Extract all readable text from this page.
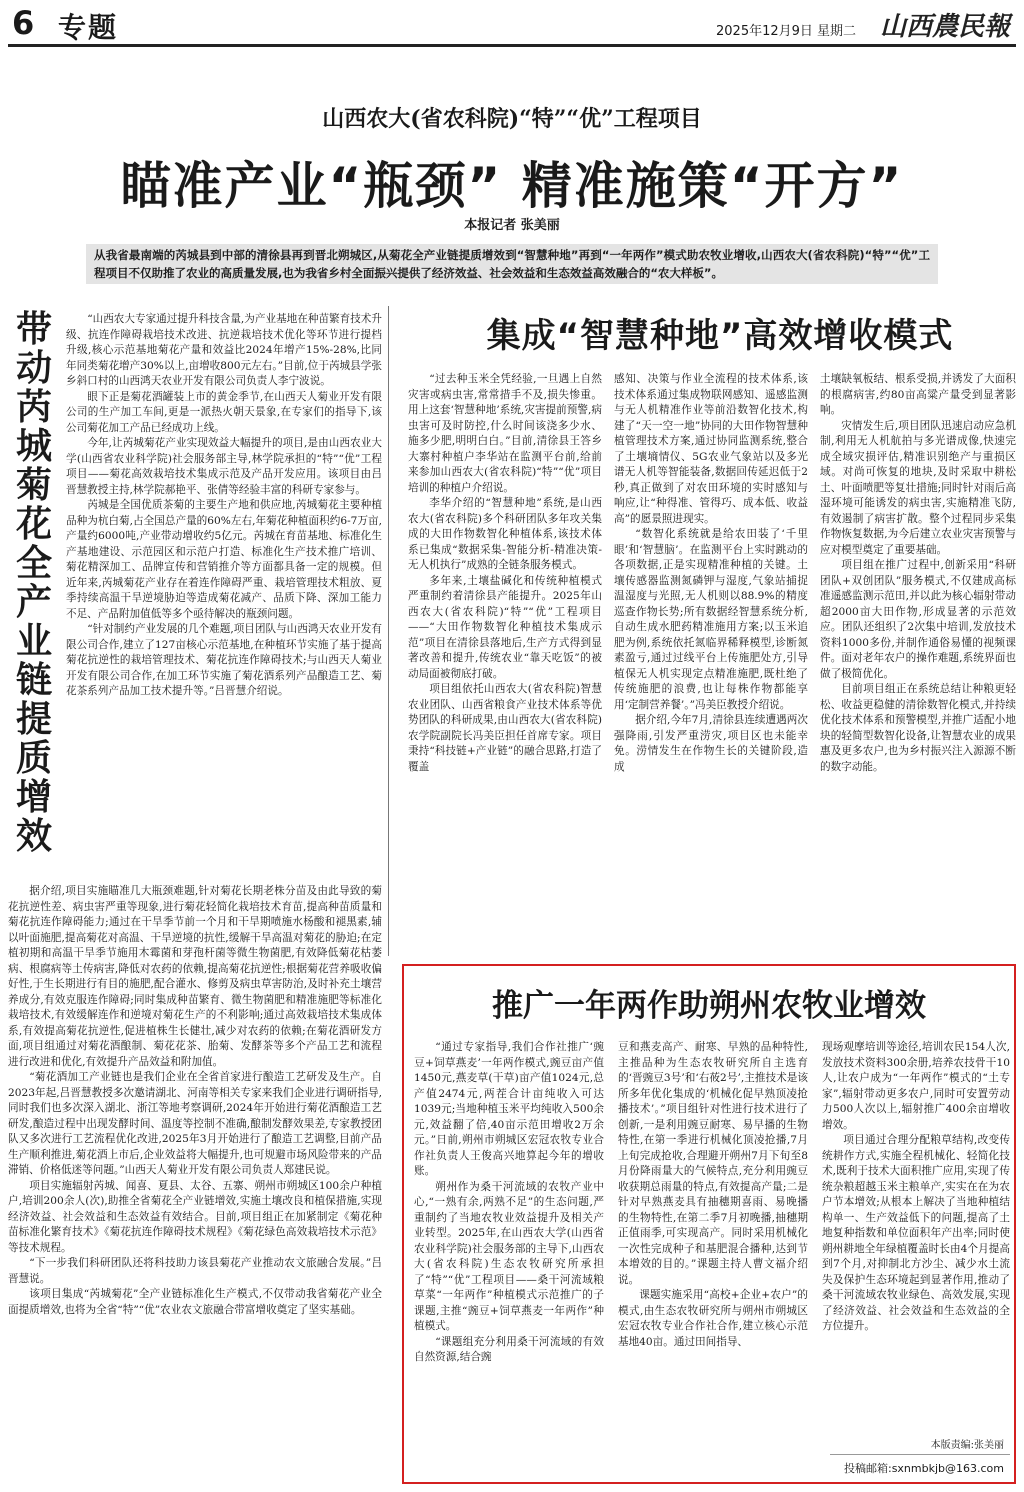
6 专题	2025年12月9日 星期二 山西農民報
山西农大(省农科院)“特”“优”工程项目
瞄准产业“瓶颈” 精准施策“开方”
本报记者 张美丽
从我省最南端的芮城县到中部的清徐县再到晋北朔城区,从菊花全产业链提质增效到“智慧种地”再到“一年两作”模式助农牧业增收,山西农大(省农科院)“特”“优”工程项目不仅助推了农业的高质量发展,也为我省乡村全面振兴提供了经济效益、社会效益和生态效益高效融合的“农大样板”。
带动芮城菊花全产业链提质增效

“山西农大专家通过提升科技含量,为产业基地在种苗繁育技术升级、抗连作障碍栽培技术改进、抗逆栽培技术优化等环节进行提档升级,核心示范基地菊花产量和效益比2024年增产15%-28%,比同年同类菊花增产30%以上,亩增收800元左右。”目前,位于芮城县学张乡斜口村的山西鸿天农业开发有限公司负责人李宁波说。

眼下正是菊花酒罐装上市的黄金季节,在山西天人菊业开发有限公司的生产加工车间,更是一派热火朝天景象,在专家们的指导下,该公司菊花加工产品已经成功上线。

今年,让芮城菊花产业实现效益大幅提升的项目,是由山西农业大学(山西省农业科学院)社会服务部主导,林学院承担的“特”“优”工程项目——菊花高效栽培技术集成示范及产品开发应用。该项目由吕晋慧教授主持,林学院郝艳平、张倩等经验丰富的科研专家参与。

芮城是全国优质茶菊的主要生产地和供应地,芮城菊花主要种植品种为杭白菊,占全国总产量的60%左右,年菊花种植面积约6-7万亩,产量约6000吨,产业带动增收约5亿元。芮城在育苗基地、标准化生产基地建设、示范园区和示范户打造、标准化生产技术推广培训、菊花精深加工、品牌宣传和营销推介等方面都具备一定的规模。但近年来,芮城菊花产业存在着连作障碍严重、栽培管理技术粗放、夏季持续高温干旱逆境胁迫等造成菊花减产、品质下降、深加工能力不足、产品附加值低等多个亟待解决的瓶颈问题。

“针对制约产业发展的几个难题,项目团队与山西鸿天农业开发有限公司合作,建立了127亩核心示范基地,在种植环节实施了基于提高菊花抗逆性的栽培管理技术、菊花抗连作障碍技术;与山西天人菊业开发有限公司合作,在加工环节实施了菊花酒系列产品酿造工艺、菊花茶系列产品加工技术提升等。”吕晋慧介绍说。

据介绍,项目实施瞄准几大瓶颈难题,针对菊花长期老株分苗及由此导致的菊花抗逆性差、病虫害严重等现象,进行菊花轻简化栽培技术育苗,提高种苗质量和菊花抗连作障碍能力;通过在干旱季节前一个月和干旱期喷施水杨酸和褪黑素,辅以叶面施肥,提高菊花对高温、干旱逆境的抗性,缓解干旱高温对菊花的胁迫;在定植初期和高温干旱季节施用木霉菌和芽孢杆菌等微生物菌肥,有效降低菊花枯萎病、根腐病等土传病害,降低对农药的依赖,提高菊花抗逆性;根据菊花营养吸收偏好性,于生长期进行有目的施肥,配合灌水、修剪及病虫草害防治,及时补充土壤营养成分,有效克服连作障碍;同时集成种苗繁育、微生物菌肥和精准施肥等标准化栽培技术,有效缓解连作和逆境对菊花生产的不利影响;通过高效栽培技术集成体系,有效提高菊花抗逆性,促进植株生长健壮,减少对农药的依赖;在菊花酒研发方面,项目组通过对菊花酒酿制、菊花花茶、胎菊、发酵茶等多个产品工艺和流程进行改进和优化,有效提升产品效益和附加值。

“菊花酒加工产业链也是我们企业在全省首家进行酿造工艺研发及生产。自2023年起,吕晋慧教授多次邀请湖北、河南等相关专家来我们企业进行调研指导,同时我们也多次深入湖北、浙江等地考察调研,2024年开始进行菊花酒酿造工艺研发,酿造过程中出现发酵时间、温度等控制不准确,酿制发酵效果差,专家教授团队又多次进行工艺流程优化改进,2025年3月开始进行了酿造工艺调整,目前产品生产顺利推进,菊花酒上市后,企业效益将大幅提升,也可规避市场风险带来的产品滞销、价格低迷等问题。”山西天人菊业开发有限公司负责人郑建民说。

项目实施辐射芮城、闻喜、夏县、太谷、五寨、朔州市朔城区100余户种植户,培训200余人(次),助推全省菊花全产业链增效,实施土壤改良和植保措施,实现经济效益、社会效益和生态效益有效结合。目前,项目组正在加紧制定《菊花种苗标准化繁育技术》《菊花抗连作障碍技术规程》《菊花绿色高效栽培技术示范》等技术规程。

“下一步我们科研团队还将科技助力该县菊花产业推动农文旅融合发展。”吕晋慧说。

该项目集成“芮城菊花”全产业链标准化生产模式,不仅带动我省菊花产业全面提质增效,也将为全省“特”“优”农业农文旅融合带富增收奠定了坚实基础。

集成“智慧种地”高效增收模式

“过去种玉米全凭经验,一旦遇上自然灾害或病虫害,常常措手不及,损失惨重。用上这套‘智慧种地’系统,灾害提前预警,病虫害可及时防控,什么时间该浇多少水、施多少肥,明明白白。”目前,清徐县王答乡大寨村种植户李华站在监测平台前,给前来参加山西农大(省农科院)“特”“优”项目培训的种植户介绍说。

李华介绍的“智慧种地”系统,是山西农大(省农科院)多个科研团队多年攻关集成的大田作物数智化种植体系,该技术体系已集成“数据采集-智能分析-精准决策-无人机执行”成熟的全链条服务模式。

多年来,土壤盐碱化和传统种植模式严重制约着清徐县产能提升。2025年山西农大(省农科院)“特”“优”工程项目——“大田作物数智化种植技术集成示范”项目在清徐县落地后,生产方式得到显著改善和提升,传统农业“靠天吃饭”的被动局面被彻底打破。

项目组依托山西农大(省农科院)智慧农业团队、山西省粮食产业技术体系等优势团队的科研成果,由山西农大(省农科院)农学院副院长冯美臣担任首席专家。项目秉持“科技链+产业链”的融合思路,打造了覆盖

感知、决策与作业全流程的技术体系,该技术体系通过集成物联网感知、遥感监测与无人机精准作业等前沿数智化技术,构建了“天一空一地”协同的大田作物智慧种植管理技术方案,通过协同监测系统,整合了土壤墒情仪、5G农业气象站以及多光谱无人机等智能装备,数据回传延迟低于2秒,真正做到了对农田环境的实时感知与响应,让“种得准、管得巧、成本低、收益高”的愿景照进现实。

“数智化系统就是给农田装了‘千里眼’和‘智慧脑’。在监测平台上实时跳动的各项数据,正是实现精准种植的关键。土壤传感器监测氮磷钾与湿度,气象站捕捉温湿度与光照,无人机则以88.9%的精度巡查作物长势;所有数据经智慧系统分析,自动生成水肥药精准施用方案;以玉米追肥为例,系统依托氮临界稀释模型,诊断氮素盈亏,通过过线平台上传施肥处方,引导植保无人机实现定点精准施肥,既杜绝了传统施肥的浪费,也让每株作物都能享用‘定制营养餐’。”冯美臣教授介绍说。

据介绍,今年7月,清徐县连续遭遇两次强降雨,引发严重涝灾,项目区也未能幸免。涝情发生在作物生长的关键阶段,造成

土壤缺氧板结、根系受损,并诱发了大面积的根腐病害,约80亩高粱产量受到显著影响。

灾情发生后,项目团队迅速启动应急机制,利用无人机航拍与多光谱成像,快速完成全域灾损评估,精准识别绝产与重损区域。对尚可恢复的地块,及时采取中耕松土、叶面喷肥等复壮措施;同时针对雨后高湿环境可能诱发的病虫害,实施精准飞防,有效遏制了病害扩散。整个过程同步采集作物恢复数据,为今后建立农业灾害预警与应对模型奠定了重要基础。

项目组在推广过程中,创新采用“科研团队+双创团队”服务模式,不仅建成高标准遥感监测示范田,并以此为核心辐射带动超2000亩大田作物,形成显著的示范效应。团队还组织了2次集中培训,发放技术资料1000多份,并制作通俗易懂的视频课件。面对老年农户的操作难题,系统界面也做了极简优化。

目前项目组正在系统总结让种粮更轻松、收益更稳健的清徐数智化模式,并持续优化技术体系和预警模型,并推广适配小地块的轻简型数智化设备,让智慧农业的成果惠及更多农户,也为乡村振兴注入源源不断的数字动能。

推广一年两作助朔州农牧业增效

“通过专家指导,我们合作社推广‘豌豆+饲草燕麦’一年两作模式,豌豆亩产值1450元,燕麦草(干草)亩产值1024元,总产值2474元,两茬合计亩纯收入可达1039元;当地种植玉米平均纯收入500余元,效益翻了倍,40亩示范田增收2万余元。”日前,朔州市朔城区宏冠农牧专业合作社负责人王俊高兴地算起今年的增收账。

朔州作为桑干河流域的农牧产业中心,“一熟有余,两熟不足”的生态问题,严重制约了当地农牧业效益提升及相关产业转型。2025年,在山西农大学(山西省农业科学院)社会服务部的主导下,山西农大(省农科院)生态农牧研究所承担了“特”“优”工程项目——桑干河流域粮草菜“一年两作”种植模式示范推广的子课题,主推“豌豆+饲草燕麦一年两作”种植模式。

“课题组充分利用桑干河流域的有效自然资源,结合豌

豆和燕麦高产、耐寒、早熟的品种特性,主推品种为生态农牧研究所自主选育的‘晋豌豆3号’和‘右莜2号’,主推技术是该所多年优化集成的‘机械化促早熟顶凌抢播技术’。”项目组针对性进行技术进行了创新,一是利用豌豆耐寒、易早播的生物特性,在第一季进行机械化顶凌抢播,7月上旬完成抢收,合理避开朔州7月下旬至8月份降雨量大的气候特点,充分利用豌豆收获期总雨量的特点,有效提高产量;二是针对早熟燕麦具有抽穗期喜雨、易晚播的生物特性,在第二季7月初晚播,抽穗期正值雨季,可实现高产。同时采用机械化一次性完成种子和基肥混合播种,达到节本增效的目的。”课题主持人曹文福介绍说。

课题实施采用“高校+企业+农户”的模式,由生态农牧研究所与朔州市朔城区宏冠农牧专业合作社合作,建立核心示范基地40亩。通过田间指导、

现场观摩培训等途径,培训农民154人次,发放技术资料300余册,培养农技骨干10人,让农户成为“一年两作”模式的“土专家”,辐射带动更多农户,同时可安置劳动力500人次以上,辐射推广400余亩增收增效。

项目通过合理分配粮草结构,改变传统耕作方式,实施全程机械化、轻简化技术,既利于技术大面积推广应用,实现了传统杂粮超越玉米主粮单产,实实在在为农户节本增效;从根本上解决了当地种植结构单一、生产效益低下的问题,提高了土地复种指数和单位面积年产出率;同时使朔州耕地全年绿植覆盖时长由4个月提高到7个月,对抑制北方沙尘、减少水土流失及保护生态环境起到显著作用,推动了桑干河流域农牧业绿色、高效发展,实现了经济效益、社会效益和生态效益的全方位提升。

本版责编:张美丽
投稿邮箱:sxnmbkjb@163.com
